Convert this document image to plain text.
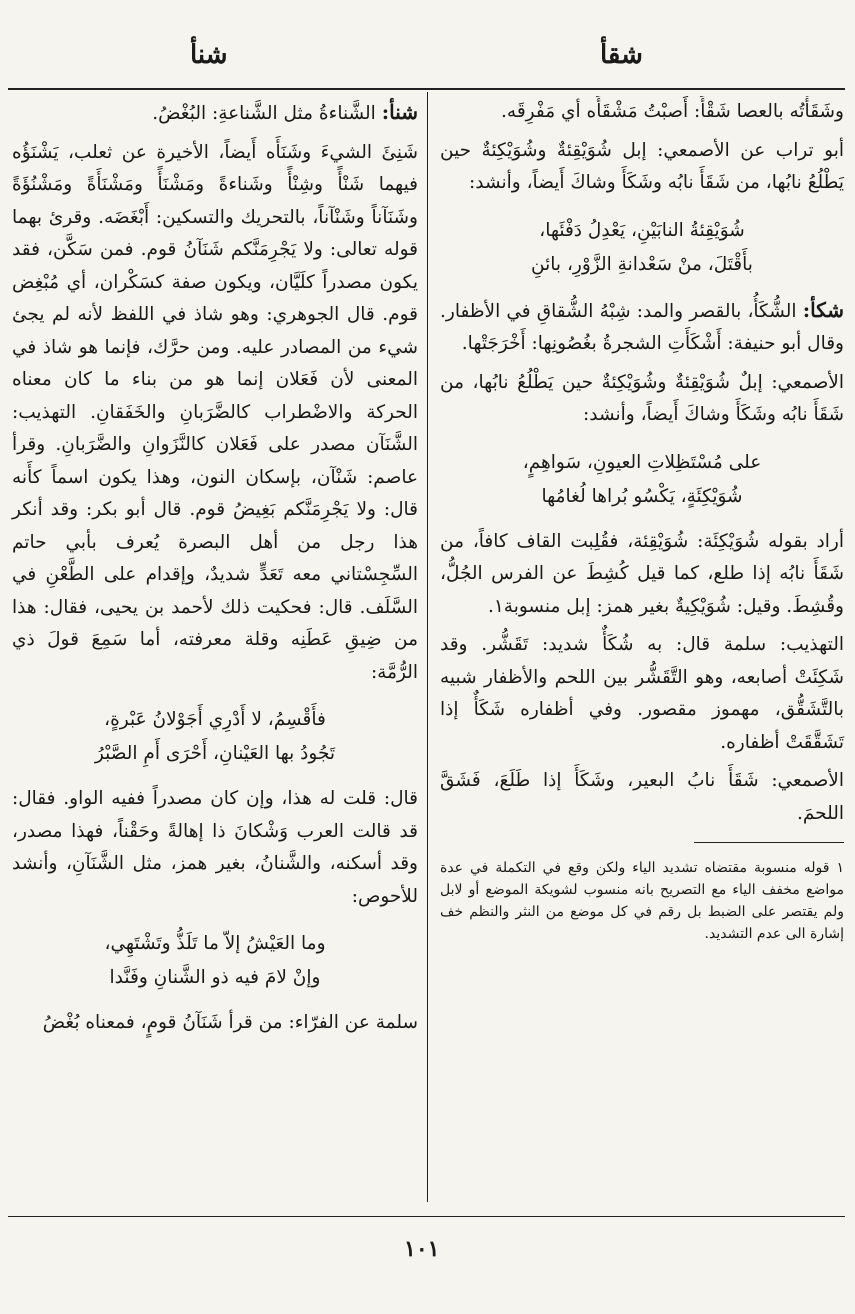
شقأ
شنأ

وشَقَأْتُه بالعصا شَقْأً: أَصبْتُ مَشْقَأَه أي مَفْرِقَه.

أبو تراب عن الأصمعي: إبل شُوَيْقِئةٌ وشُوَيْكِئةٌ حين يَطْلُعُ نابُها، من شَقَأَ نابُه وشَكَأَ وشاكَ أَيضاً، وأنشد:

شُوَيْقِئةُ النابَيْنِ، يَعْدِلُ دَفْئَها،
بأَقْتَلَ، منْ سَعْدانةِ الزَّوْرِ، بائنِ

شكأ: الشُّكَأُ، بالقصر والمد: شِبْهُ الشُّقاقِ في الأظفار. وقال أبو حنيفة: أَشْكَأَتِ الشجرةُ بغُصُونِها: أَخْرَجَتْها.

الأصمعي: إبلٌ شُوَيْقِئةٌ وشُوَيْكِئةٌ حين يَطْلُعُ نابُها، من شَقَأَ نابُه وشَكَأَ وشاكَ أَيضاً، وأنشد:

على مُسْتَظِلاتِ العيونِ، سَواهِمٍ،
شُوَيْكِئَةٍ، يَكْسُو بُراها لُغامُها

أراد بقوله شُوَيْكِئَة: شُوَيْقِئة، فقُلِبت القاف كافاً، من شَقَأَ نابُه إذا طلع، كما قيل كُشِطَ عن الفرس الجُلُّ، وقُشِطَ. وقيل: شُوَيْكِيةٌ بغير همز: إبل منسوبة١.

التهذيب: سلمة قال: به شُكَأٌ شديد: تَقَشُّر. وقد شَكِئَتْ أصابعه، وهو التَّقَشُّر بين اللحم والأظفار شبيه بالتَّشَقُّق، مهموز مقصور. وفي أظفاره شَكَأٌ إذا تَشَقَّقَتْ أظفاره.

الأصمعي: شَقَأَ نابُ البعير، وشَكَأَ إذا طَلَعَ، فَشَقَّ اللحمَ.

١ قوله منسوبة مقتضاه تشديد الياء ولكن وقع في التكملة في عدة مواضع مخفف الياء مع التصريح بانه منسوب لشويكة الموضع أو لابل ولم يقتصر على الضبط بل رقم في كل موضع من النثر والنظم خف إشارة الى عدم التشديد.

شنأ: الشَّناءةُ مثل الشَّناعةِ: البُغْضُ.

شَنِئَ الشيءَ وشَنَأَه أَيضاً، الأخيرة عن ثعلب، يَشْنَؤُه فيهما شَنْأً وشِنْأً وشَناءةً ومَشْنَأً ومَشْنَأَةً ومَشْنُؤَةً وشَنَآناً وشَنْآناً، بالتحريك والتسكين: أَبْغَضَه. وقرئ بهما قوله تعالى: ولا يَجْرِمَنَّكم شَنَآنُ قوم. فمن سَكَّن، فقد يكون مصدراً كلَيَّان، ويكون صفة كسَكْران، أي مُبْغِض قوم. قال الجوهري: وهو شاذ في اللفظ لأنه لم يجئ شيء من المصادر عليه. ومن حرَّك، فإنما هو شاذ في المعنى لأن فَعَلان إنما هو من بناء ما كان معناه الحركة والاضْطراب كالضَّرَبانِ والخَفَقانِ. التهذيب: الشَّنَآن مصدر على فَعَلان كالنَّزَوانِ والضَّرَبانِ. وقرأ عاصم: شَنْآن، بإسكان النون، وهذا يكون اسماً كأَنه قال: ولا يَجْرِمَنَّكم بَغِيضُ قوم. قال أبو بكر: وقد أنكر هذا رجل من أهل البصرة يُعرف بأبي حاتم السِّجِسْتاني معه تَعَدٍّ شديدٌ، وإقدام على الطَّعْنِ في السَّلَف. قال: فحكيت ذلك لأحمد بن يحيى، فقال: هذا من ضِيقِ عَطَنِه وقلة معرفته، أما سَمِعَ قولَ ذي الرُّمَّة:

فأَقْسِمُ، لا أَدْرِي أَجَوْلانُ عَبْرةٍ،
تَجُودُ بها العَيْنانِ، أَحْرَى أَمِ الصَّبْرُ

قال: قلت له هذا، وإن كان مصدراً ففيه الواو. فقال: قد قالت العرب وَشْكانَ ذا إهالةً وحَقْناً، فهذا مصدر، وقد أسكنه، والشَّنانُ، بغير همز، مثل الشَّنَآنِ، وأنشد للأحوص:

وما العَيْشُ إلاّ ما تَلَذُّ وتَشْتَهِي،
وإنْ لامَ فيه ذو الشَّنانِ وفَنَّدا

سلمة عن الفرّاء: من قرأ شَنَآنُ قومٍ، فمعناه بُغْضُ

١٠١
